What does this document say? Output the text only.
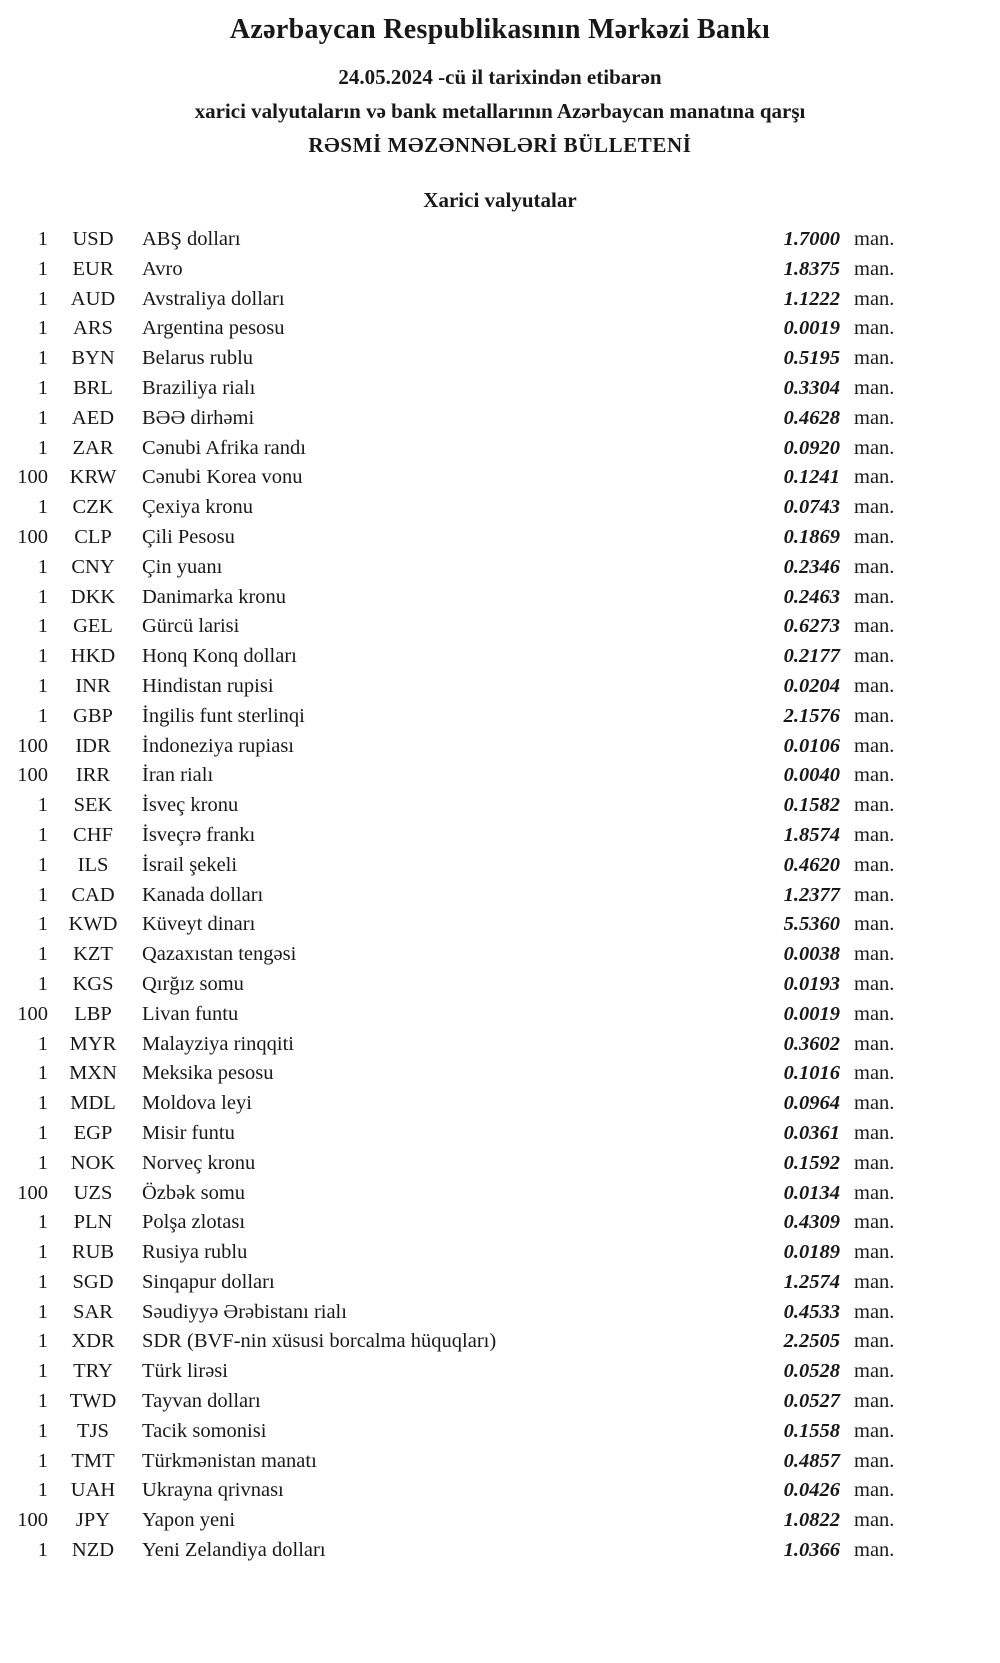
Azərbaycan Respublikasının Mərkəzi Bankı

24.05.2024 -cü il tarixindən etibarən

xarici valyutaların və bank metallarının Azərbaycan manatına qarşı

RƏSMİ MƏZƏNNƏLƏRİ BÜLLETENİ

Xarici valyutalar
1	USD	ABŞ dolları	1.7000 man.
1	EUR	Avro	1.8375 man.
1	AUD	Avstraliya dolları	1.1222 man.
1	ARS	Argentina pesosu	0.0019 man.
1	BYN	Belarus rublu	0.5195 man.
1	BRL	Braziliya rialı	0.3304 man.
1	AED	BƏƏ dirhəmi	0.4628 man.
1	ZAR	Cənubi Afrika randı	0.0920 man.
100	KRW	Cənubi Korea vonu	0.1241 man.
1	CZK	Çexiya kronu	0.0743 man.
100	CLP	Çili Pesosu	0.1869 man.
1	CNY	Çin yuanı	0.2346 man.
1	DKK	Danimarka kronu	0.2463 man.
1	GEL	Gürcü larisi	0.6273 man.
1	HKD	Honq Konq dolları	0.2177 man.
1	INR	Hindistan rupisi	0.0204 man.
1	GBP	İngilis funt sterlinqi	2.1576 man.
100	IDR	İndoneziya rupiası	0.0106 man.
100	IRR	İran rialı	0.0040 man.
1	SEK	İsveç kronu	0.1582 man.
1	CHF	İsveçrə frankı	1.8574 man.
1	ILS	İsrail şekeli	0.4620 man.
1	CAD	Kanada dolları	1.2377 man.
1	KWD	Küveyt dinarı	5.5360 man.
1	KZT	Qazaxıstan tengəsi	0.0038 man.
1	KGS	Qırğız somu	0.0193 man.
100	LBP	Livan funtu	0.0019 man.
1	MYR	Malayziya rinqqiti	0.3602 man.
1	MXN	Meksika pesosu	0.1016 man.
1	MDL	Moldova leyi	0.0964 man.
1	EGP	Misir funtu	0.0361 man.
1	NOK	Norveç kronu	0.1592 man.
100	UZS	Özbək somu	0.0134 man.
1	PLN	Polşa zlotası	0.4309 man.
1	RUB	Rusiya rublu	0.0189 man.
1	SGD	Sinqapur dolları	1.2574 man.
1	SAR	Səudiyyə Ərəbistanı rialı	0.4533 man.
1	XDR	SDR (BVF-nin xüsusi borcalma hüquqları)	2.2505 man.
1	TRY	Türk lirəsi	0.0528 man.
1	TWD	Tayvan dolları	0.0527 man.
1	TJS	Tacik somonisi	0.1558 man.
1	TMT	Türkmənistan manatı	0.4857 man.
1	UAH	Ukrayna qrivnası	0.0426 man.
100	JPY	Yapon yeni	1.0822 man.
1	NZD	Yeni Zelandiya dolları	1.0366 man.
